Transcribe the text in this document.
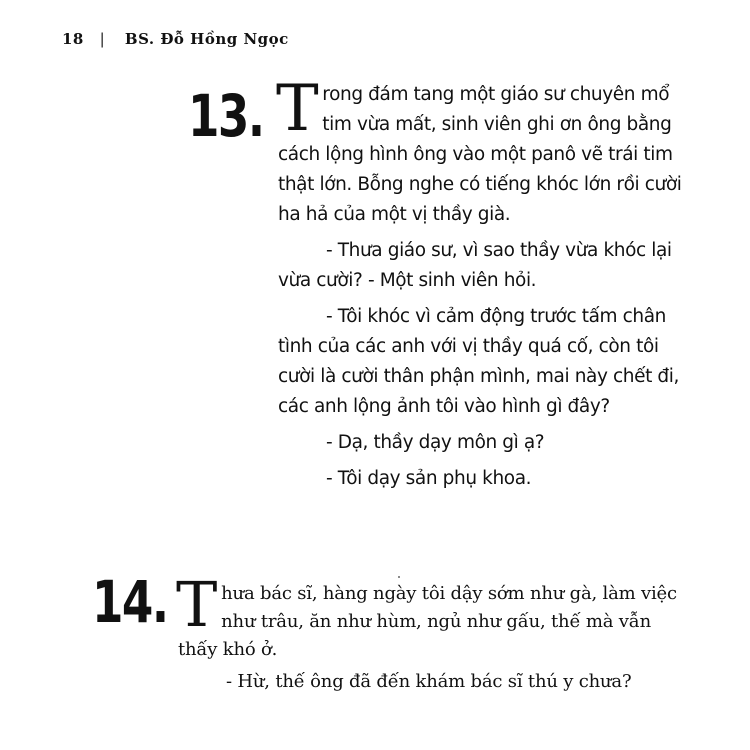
18 | BS. Đỗ Hồng Ngọc
13. Trong đám tang một giáo sư chuyên mổ tim vừa mất, sinh viên ghi ơn ông bằng cách lộng hình ông vào một panô vẽ trái tim thật lớn. Bỗng nghe có tiếng khóc lớn rồi cười ha hả của một vị thầy già.

- Thưa giáo sư, vì sao thầy vừa khóc lại vừa cười? - Một sinh viên hỏi.

- Tôi khóc vì cảm động trước tấm chân tình của các anh với vị thầy quá cố, còn tôi cười là cười thân phận mình, mai này chết đi, các anh lộng ảnh tôi vào hình gì đây?

- Dạ, thầy dạy môn gì ạ?

- Tôi dạy sản phụ khoa.

14. Thưa bác sĩ, hàng ngày tôi dậy sớm như gà, làm việc như trâu, ăn như hùm, ngủ như gấu, thế mà vẫn thấy khó ở.

- Hừ, thế ông đã đến khám bác sĩ thú y chưa?
